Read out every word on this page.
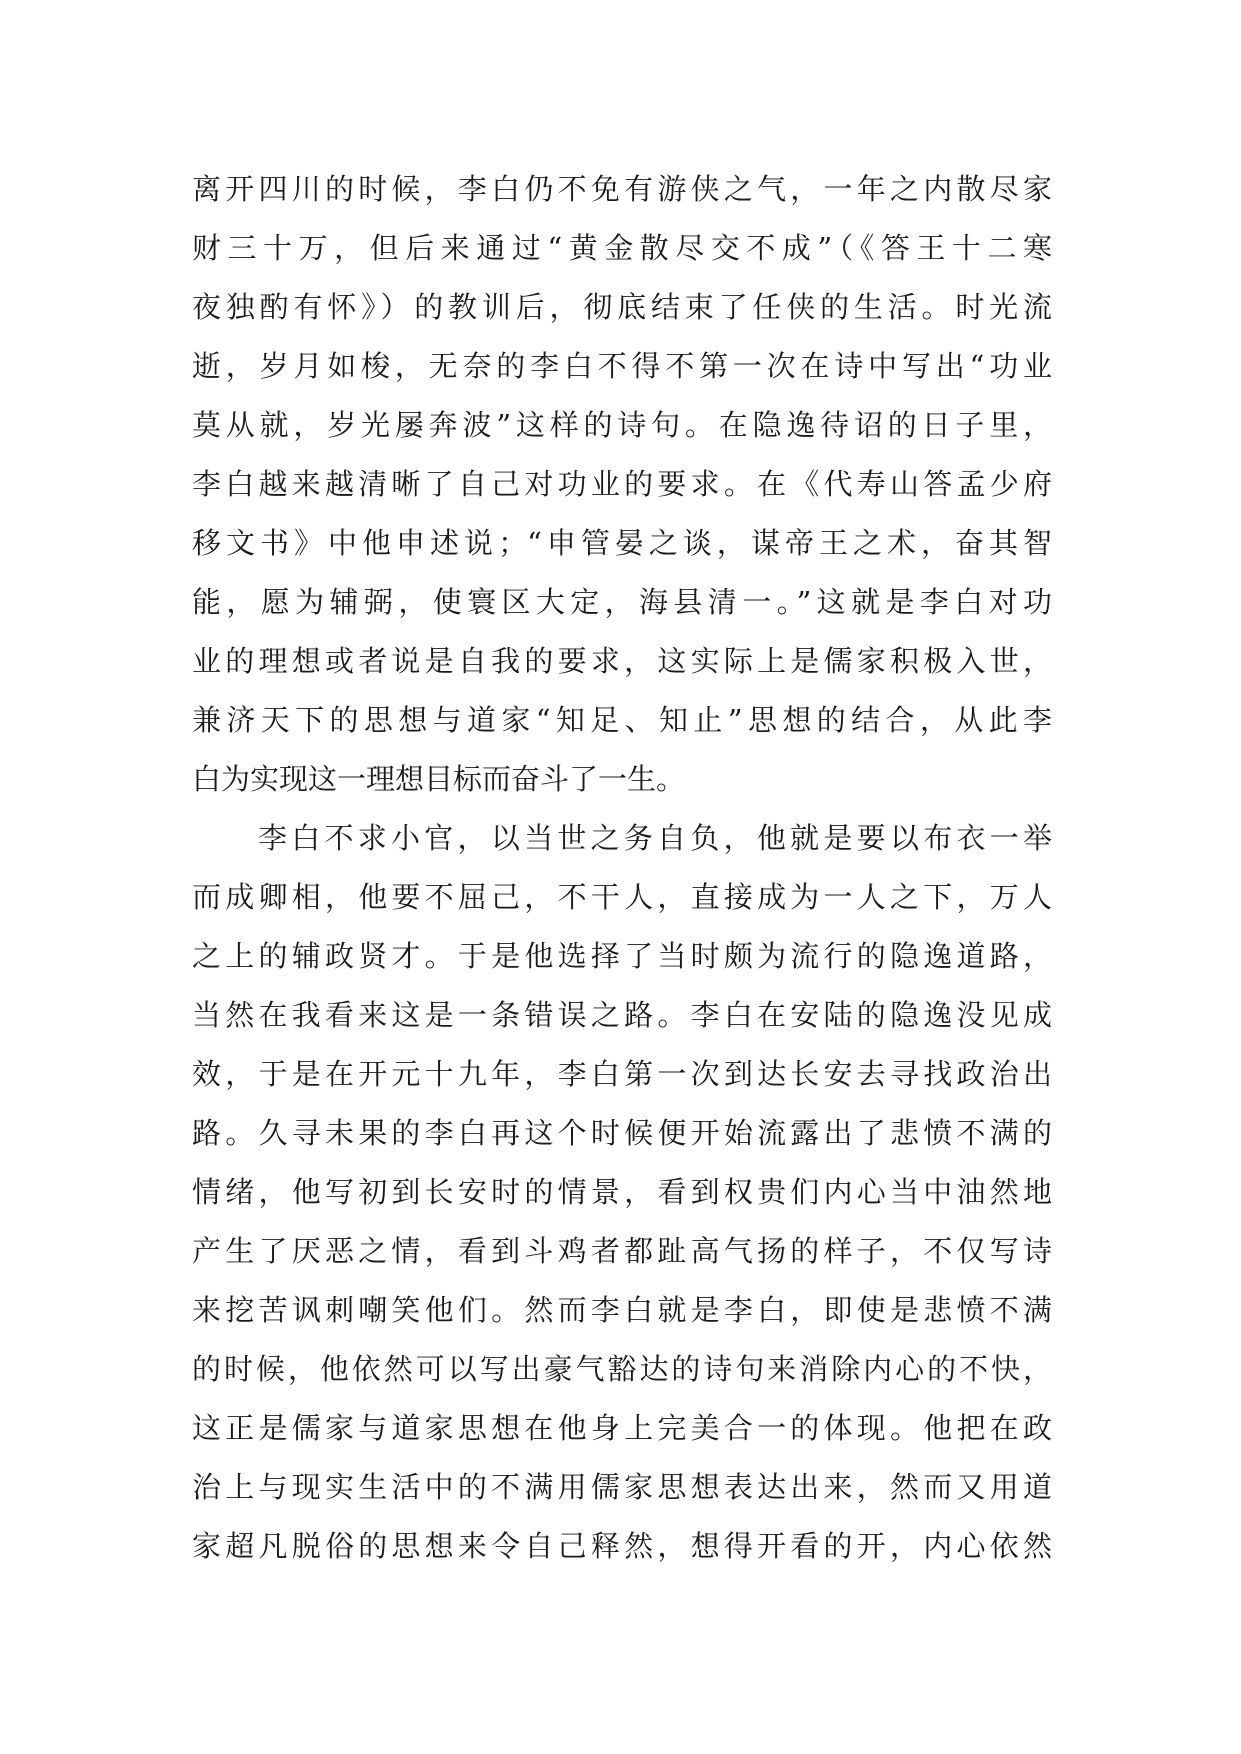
离开四川的时候，李白仍不免有游侠之气，一年之内散尽家
财三十万，但后来通过“黄金散尽交不成”（《答王十二寒
夜独酌有怀》）的教训后，彻底结束了任侠的生活。时光流
逝，岁月如梭，无奈的李白不得不第一次在诗中写出“功业
莫从就，岁光屡奔波”这样的诗句。在隐逸待诏的日子里，
李白越来越清晰了自己对功业的要求。在《代寿山答孟少府
移文书》中他申述说；“申管晏之谈，谋帝王之术，奋其智
能，愿为辅弼，使寰区大定，海县清一。”这就是李白对功
业的理想或者说是自我的要求，这实际上是儒家积极入世，
兼济天下的思想与道家“知足、知止”思想的结合，从此李
白为实现这一理想目标而奋斗了一生。
李白不求小官，以当世之务自负，他就是要以布衣一举
而成卿相，他要不屈己，不干人，直接成为一人之下，万人
之上的辅政贤才。于是他选择了当时颇为流行的隐逸道路，
当然在我看来这是一条错误之路。李白在安陆的隐逸没见成
效，于是在开元十九年，李白第一次到达长安去寻找政治出
路。久寻未果的李白再这个时候便开始流露出了悲愤不满的
情绪，他写初到长安时的情景，看到权贵们内心当中油然地
产生了厌恶之情，看到斗鸡者都趾高气扬的样子，不仅写诗
来挖苦讽刺嘲笑他们。然而李白就是李白，即使是悲愤不满
的时候，他依然可以写出豪气豁达的诗句来消除内心的不快，
这正是儒家与道家思想在他身上完美合一的体现。他把在政
治上与现实生活中的不满用儒家思想表达出来，然而又用道
家超凡脱俗的思想来令自己释然，想得开看的开，内心依然
